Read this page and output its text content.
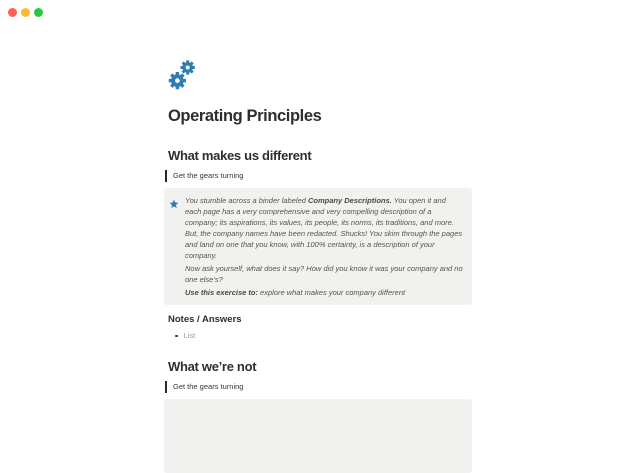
Operating Principles
What makes us different
Get the gears turning

You stumble across a binder labeled Company Descriptions. You open it and each page has a very comprehensive and very compelling description of a company; its aspirations, its values, its people, its norms, its traditions, and more. But, the company names have been redacted. Shucks! You skim through the pages and land on one that you know, with 100% certainty, is a description of your company.

Now ask yourself, what does it say? How did you know it was your company and no one else’s?

Use this exercise to: explore what makes your company different

Notes / Answers
List
What we’re not
Get the gears turning
